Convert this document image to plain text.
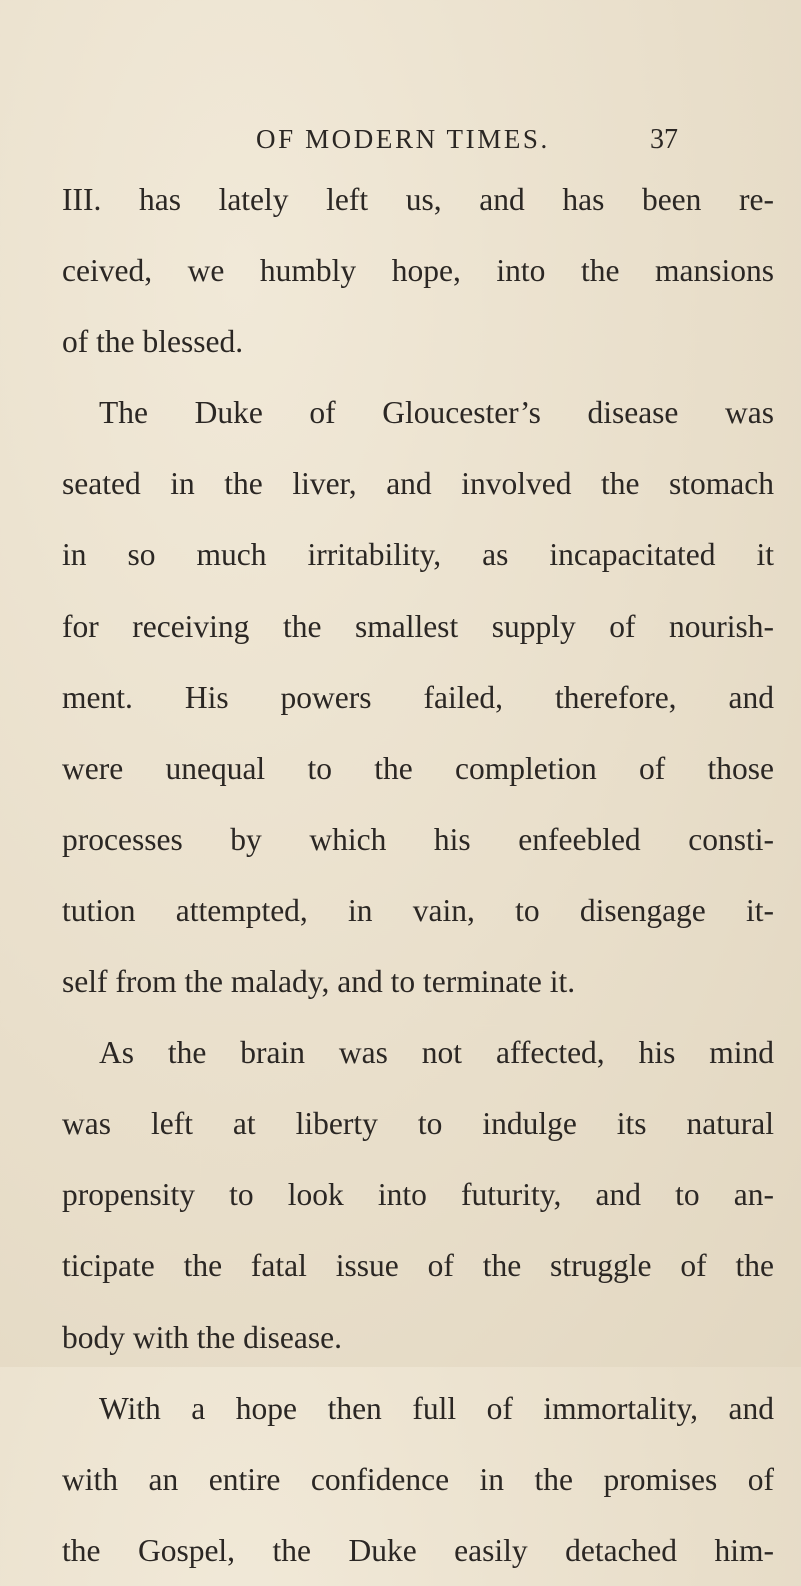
OF MODERN TIMES.	37
III. has lately left us, and has been re-
ceived, we humbly hope, into the mansions
of the blessed.
The Duke of Gloucester’s disease was
seated in the liver, and involved the stomach
in so much irritability, as incapacitated it
for receiving the smallest supply of nourish-
ment. His powers failed, therefore, and
were unequal to the completion of those
processes by which his enfeebled consti-
tution attempted, in vain, to disengage it-
self from the malady, and to terminate it.
As the brain was not affected, his mind
was left at liberty to indulge its natural
propensity to look into futurity, and to an-
ticipate the fatal issue of the struggle of the
body with the disease.
With a hope then full of immortality, and
with an entire confidence in the promises of
the Gospel, the Duke easily detached him-
